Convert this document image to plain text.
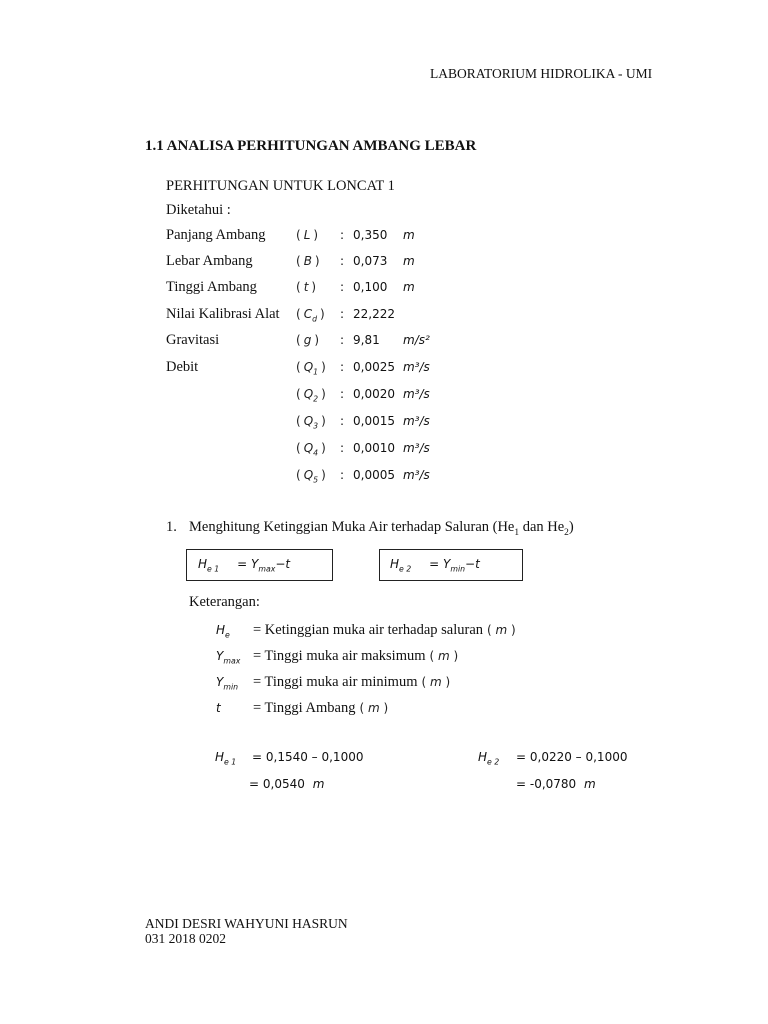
LABORATORIUM HIDROLIKA - UMI
1.1 ANALISA PERHITUNGAN AMBANG LEBAR
PERHITUNGAN UNTUK LONCAT 1
Diketahui :
Panjang Ambang	( L ) : 0,350 m
Lebar Ambang	( B ) : 0,073 m
Tinggi Ambang	( t ) : 0,100 m
Nilai Kalibrasi Alat ( $C_d$ ) : 22,222
Gravitasi	( g ) : 9,81 m/s²
Debit	( $Q_1$ ) : 0,0025 m³/s
( $Q_2$ ) : 0,0020 m³/s
( $Q_3$ ) : 0,0015 m³/s
( $Q_4$ ) : 0,0010 m³/s
( $Q_5$ ) : 0,0005 m³/s
1. Menghitung Ketinggian Muka Air terhadap Saluran ($He_1$ dan $He_2$)
$H_{e 1} = Y_{max}-t$	$H_{e 2} = Y_{min}-t$
Keterangan:
$H_e$ = Ketinggian muka air terhadap saluran ( m )
$Y_{max}$ = Tinggi muka air maksimum ( m )
$Y_{min}$ = Tinggi muka air minimum ( m )
t = Tinggi Ambang ( m )
$H_{e 1} = 0,1540 - 0,1000$
= 0,0540 m
$H_{e 2} = 0,0220 - 0,1000$
= -0,0780 m
ANDI DESRI WAHYUNI HASRUN
031 2018 0202
